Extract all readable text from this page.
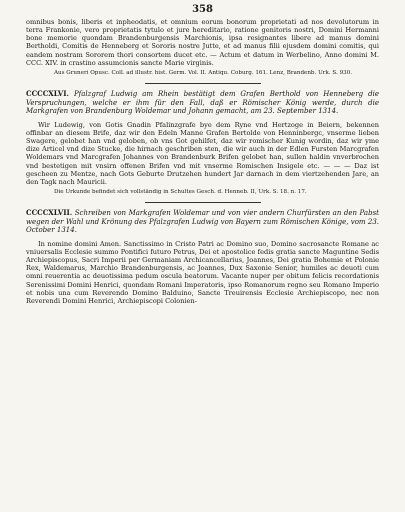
358

omnibus bonis, liberis et inpheodatis, et omnium eorum bonorum proprietati ad nos devolutorum in terra Frankonie, vero proprietatis tytulo et jure hereditario, ratione genitoris nostri, Domini Hermanni bone memorie quondam Brandenburgensis Marchionis, ipsa resignantes libere ad manus domini Bertholdi, Comitis de Henneberg et Sororis nostre Jutte, et ad manus filii ejusdem domini comitis, qui eandem nostram Sororem thori consortem ducet etc. — Actum et datum in Werbelino, Anno domini M. CCC. XIV. in crastino assumcionis sancte Marie virginis.

Aus Gruneri Opusc. Coll. ad illustr. hist. Germ. Vol. II. Antiqu. Coburg. 161. Lenz, Brandenb. Urk. S. 930.

CCCCXLVI. Pfalzgraf Ludwig am Rhein bestätigt dem Grafen Berthold von Henneberg die Verspruchungen, welche er ihm für den Fall, daß er Römischer König werde, durch die Markgrafen von Brandenburg Woldemar und Johann gemacht, am 23. September 1314.

Wir Ludewig, von Gotis Gnadin Pfalinzgrafe bye dem Ryne vnd Hertzoge in Beiern, bekennen offinbar an diesem Brife, daz wir den Edeln Manne Grafen Bertolde von Henninbergc, vnserme lieben Swagere, gelobet han vnd geloben, ob vns Got gehilfet, daz wir romischer Kunig wordin, daz wir yme dize Articel vnd dize Stucke, die hirnach geschriben sten, die wir auch in der Edlen Fursten Marcgrafen Woldemars vnd Marcgrafen Johannes von Brandenburk Brifen gelobet han, sullen haldin vnverbrochen vnd bestetigen mit vnsirn offenen Brifen vnd mit vnserme Romischen Insigele etc. — — — Daz ist gescheen zu Mentze, nach Gots Geburte Drutzehen hundert Jar darnach in dem viertzehenden Jare, an den Tagk nach Mauricii.

Die Urkunde befindet sich vollständig in Schultes Gesch. d. Henneb. II, Urk. S. 18. n. 17.

CCCCXLVII. Schreiben von Markgrafen Woldemar und von vier andern Churfürsten an den Pabst wegen der Wahl und Krönung des Pfalzgrafen Ludwig von Bayern zum Römischen Könige, vom 23. October 1314.

In nomine domini Amen. Sanctissimo in Cristo Patri ac Domino suo, Domino sacrosancte Romane ac vniuersalis Ecclesie summo Pontifici futuro Petrus, Dei et apostolice fedis gratia sancte Maguntine Sedis Archiepiscopus, Sacri Imperii per Germaniam Archicancellarius, Joannes, Dei gratia Bohemie et Polonie Rex, Waldemarus, Marchio Brandenburgensis, ac Joannes, Dux Saxonie Senior, humiles ac deuoti cum omni reuerentia ac deuotissima pedum oscula beatorum. Vacante nuper per obitum felicis recordationis Serenissimi Domini Henrici, quondam Romani Imperatoris, ipso Romanorum regno seu Romano Imperio et nobis una cum Reverendo Domino Balduino, Sancte Treuirensis Ecclesie Archiepiscopo, nec non Reverendi Domini Henrici, Archiepiscopi Colonien-
